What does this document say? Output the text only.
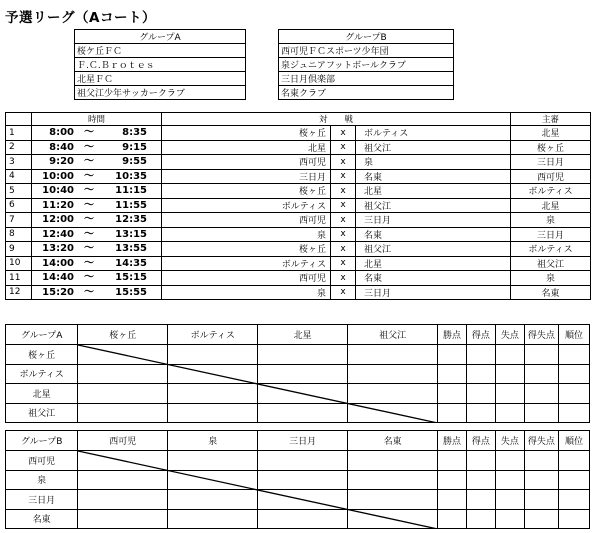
予選リーグ（Aコート）
グループA
桜ケ丘ＦＣ
Ｆ.Ｃ.Ｂｒｏｔｅｓ
北星ＦＣ
祖父江少年サッカークラブ
グループB
西可児ＦＣスポーツ少年団
泉ジュニアフットボールクラブ
三日月倶楽部
名東クラブ
	時間	対　　戦			主審
1	8:00 ～ 8:35	桜ヶ丘	x	ボルティス	北星
2	8:40 ～ 9:15	北星	x	祖父江	桜ヶ丘
3	9:20 ～ 9:55	西可児	x	泉	三日月
4	10:00 ～ 10:35	三日月	x	名東	西可児
5	10:40 ～ 11:15	桜ヶ丘	x	北星	ボルティス
6	11:20 ～ 11:55	ボルティス	x	祖父江	北星
7	12:00 ～ 12:35	西可児	x	三日月	泉
8	12:40 ～ 13:15	泉	x	名東	三日月
9	13:20 ～ 13:55	桜ヶ丘	x	祖父江	ボルティス
10	14:00 ～ 14:35	ボルティス	x	北星	祖父江
11	14:40 ～ 15:15	西可児	x	名東	泉
12	15:20 ～ 15:55	泉	x	三日月	名東
グループA	桜ヶ丘	ボルティス	北星	祖父江	勝点	得点	失点	得失点	順位
桜ヶ丘									
ボルティス									
北星									
祖父江									
グループB	西可児	泉	三日月	名東	勝点	得点	失点	得失点	順位
西可児									
泉									
三日月									
名東									
